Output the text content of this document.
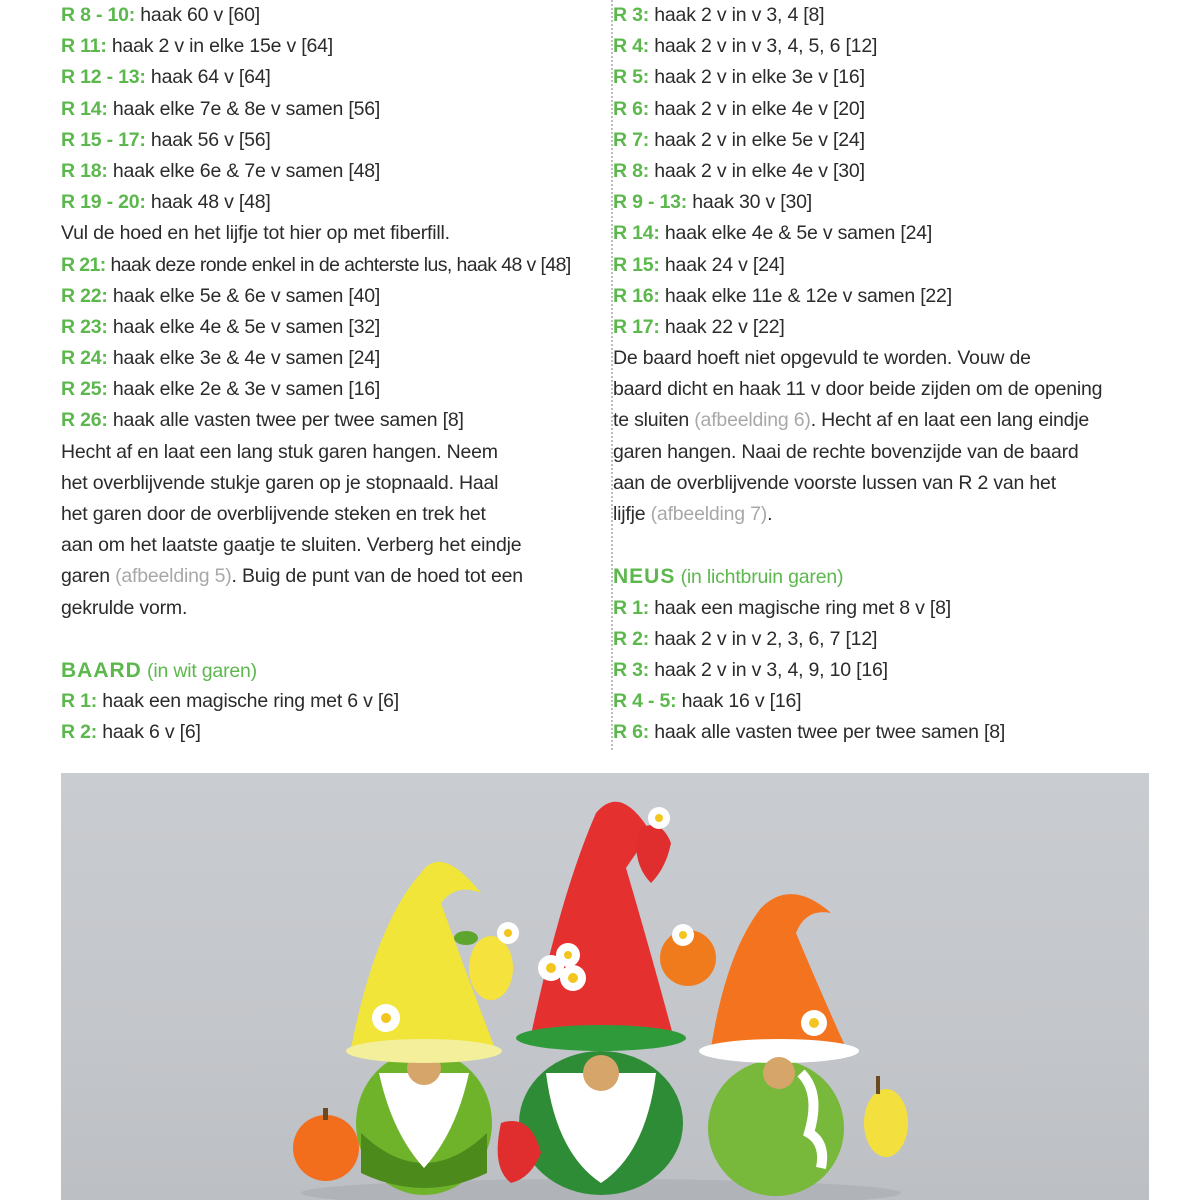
R 8 - 10: haak 60 v [60]
R 11: haak 2 v in elke 15e v [64]
R 12 - 13: haak 64 v [64]
R 14: haak elke 7e & 8e v samen [56]
R 15 - 17: haak 56 v [56]
R 18: haak elke 6e & 7e v samen [48]
R 19 - 20: haak 48 v [48]
Vul de hoed en het lijfje tot hier op met fiberfill.
R 21: haak deze ronde enkel in de achterste lus, haak 48 v [48]
R 22: haak elke 5e & 6e v samen [40]
R 23: haak elke 4e & 5e v samen [32]
R 24: haak elke 3e & 4e v samen [24]
R 25: haak elke 2e & 3e v samen [16]
R 26: haak alle vasten twee per twee samen [8]
Hecht af en laat een lang stuk garen hangen. Neem
het overblijvende stukje garen op je stopnaald. Haal
het garen door de overblijvende steken en trek het
aan om het laatste gaatje te sluiten. Verberg het eindje
garen (afbeelding 5). Buig de punt van de hoed tot een
gekrulde vorm.
BAARD (in wit garen)
R 1: haak een magische ring met 6 v [6]
R 2: haak 6 v [6]
R 3: haak 2 v in v 3, 4 [8]
R 4: haak 2 v in v 3, 4, 5, 6 [12]
R 5: haak 2 v in elke 3e v [16]
R 6: haak 2 v in elke 4e v [20]
R 7: haak 2 v in elke 5e v [24]
R 8: haak 2 v in elke 4e v [30]
R 9 - 13: haak 30 v [30]
R 14: haak elke 4e & 5e v samen [24]
R 15: haak 24 v [24]
R 16: haak elke 11e & 12e v samen [22]
R 17: haak 22 v [22]
De baard hoeft niet opgevuld te worden. Vouw de
baard dicht en haak 11 v door beide zijden om de opening
te sluiten (afbeelding 6). Hecht af en laat een lang eindje
garen hangen. Naai de rechte bovenzijde van de baard
aan de overblijvende voorste lussen van R 2 van het
lijfje (afbeelding 7).
NEUS (in lichtbruin garen)
R 1: haak een magische ring met 8 v [8]
R 2: haak 2 v in v 2, 3, 6, 7 [12]
R 3: haak 2 v in v 3, 4, 9, 10 [16]
R 4 - 5: haak 16 v [16]
R 6: haak alle vasten twee per twee samen [8]
